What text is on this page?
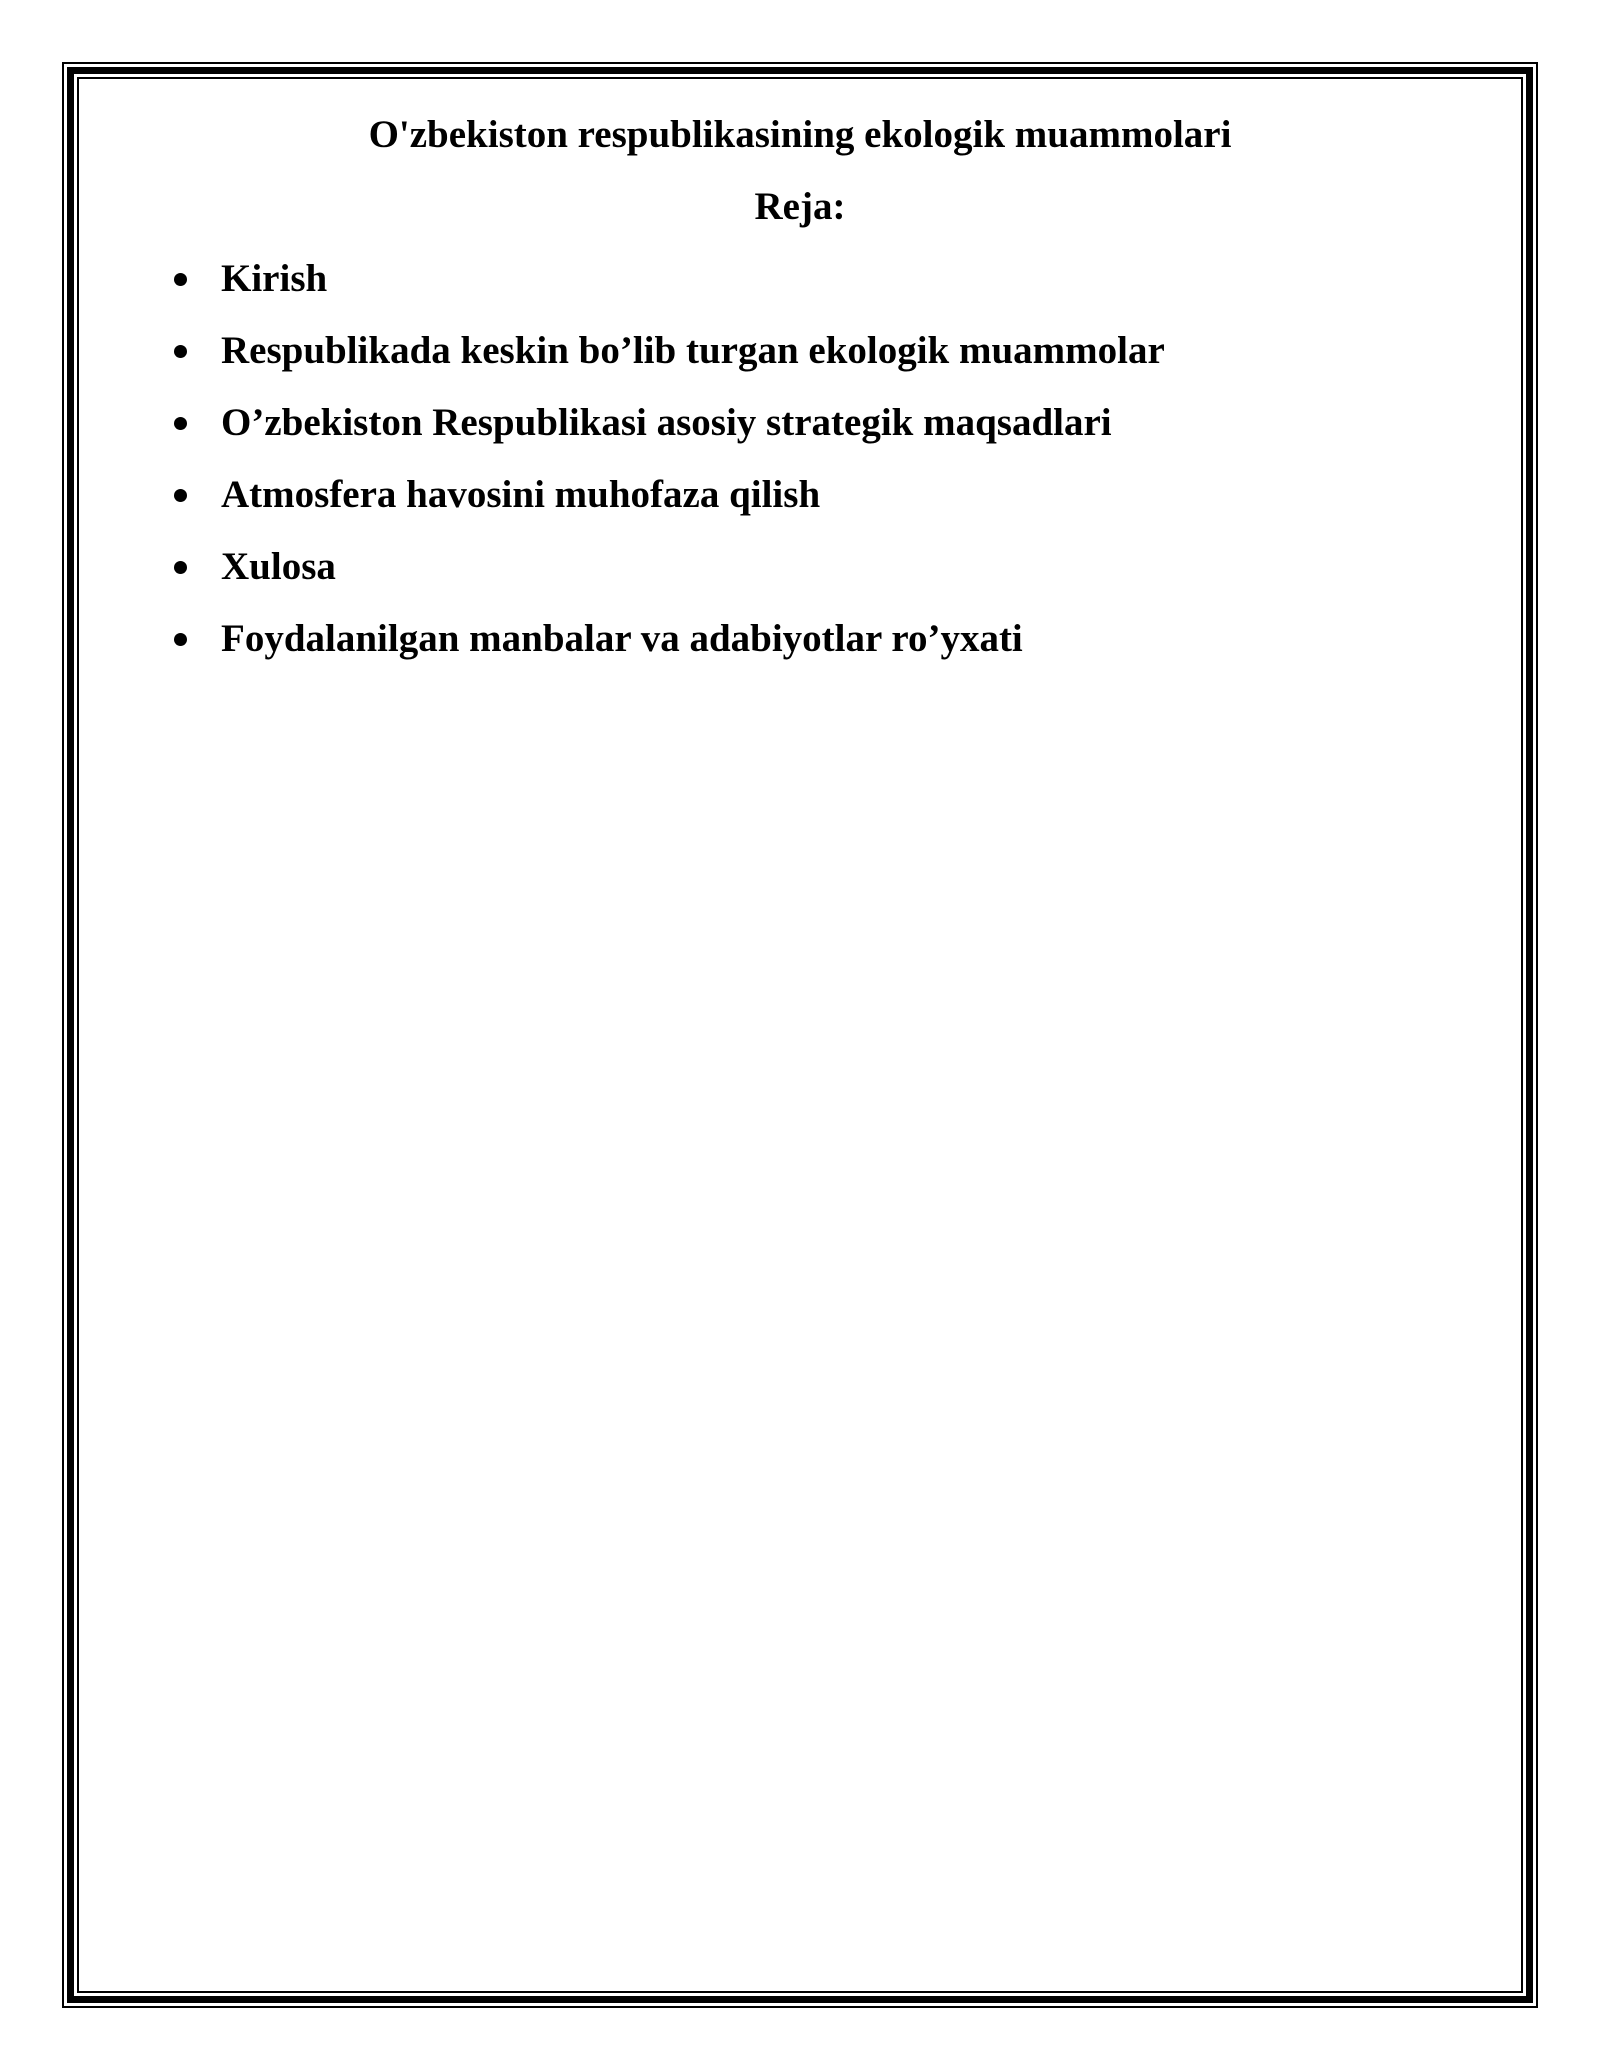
O'zbekiston respublikasining ekologik muammolari
Reja:
Kirish
Respublikada keskin bo’lib turgan ekologik muammolar
O’zbekiston Respublikasi asosiy strategik maqsadlari
Atmosfera havosini muhofaza qilish
Xulosa
Foydalanilgan manbalar va adabiyotlar ro’yxati
